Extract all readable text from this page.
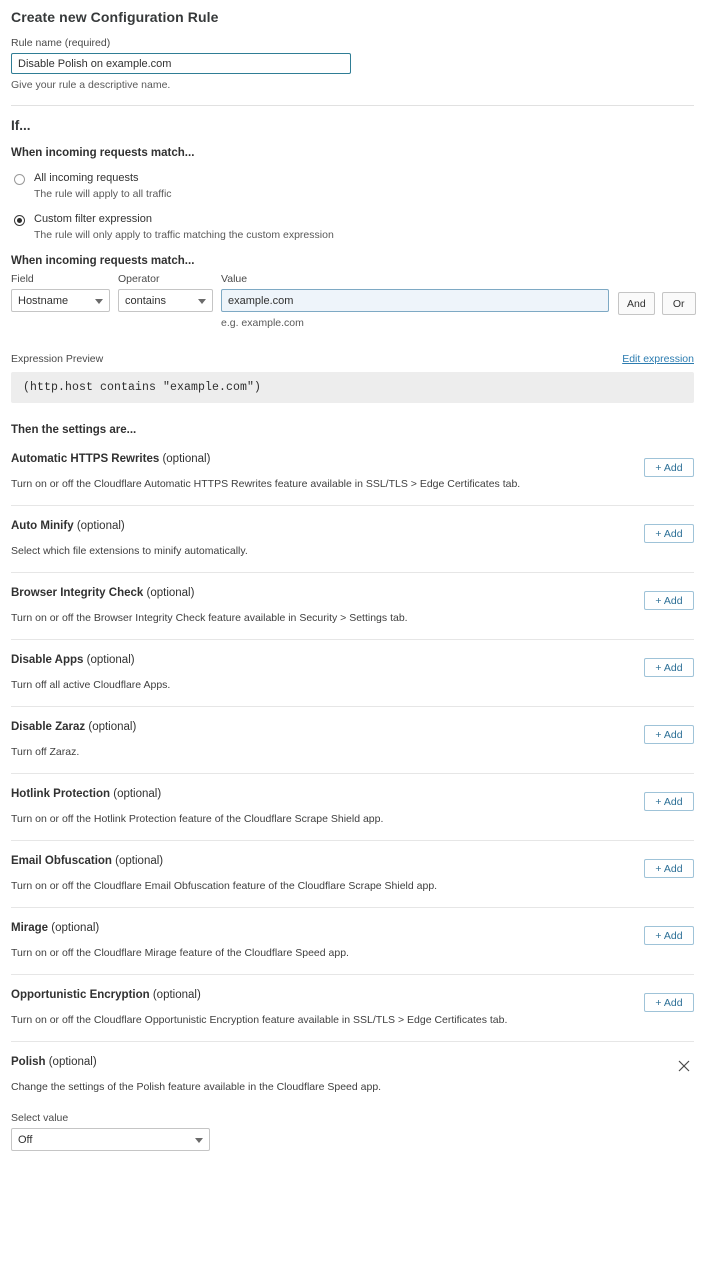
Create new Configuration Rule
Rule name (required)
Disable Polish on example.com
Give your rule a descriptive name.
If...
When incoming requests match...
All incoming requests
The rule will apply to all traffic
Custom filter expression
The rule will only apply to traffic matching the custom expression
When incoming requests match...
Field
Hostname
Operator
contains
Value
example.com
e.g. example.com
And	Or
Expression Preview	Edit expression
(http.host contains "example.com")
Then the settings are...
Automatic HTTPS Rewrites (optional)
Turn on or off the Cloudflare Automatic HTTPS Rewrites feature available in SSL/TLS > Edge Certificates tab.
+ Add
Auto Minify (optional)
Select which file extensions to minify automatically.
+ Add
Browser Integrity Check (optional)
Turn on or off the Browser Integrity Check feature available in Security > Settings tab.
+ Add
Disable Apps (optional)
Turn off all active Cloudflare Apps.
+ Add
Disable Zaraz (optional)
Turn off Zaraz.
+ Add
Hotlink Protection (optional)
Turn on or off the Hotlink Protection feature of the Cloudflare Scrape Shield app.
+ Add
Email Obfuscation (optional)
Turn on or off the Cloudflare Email Obfuscation feature of the Cloudflare Scrape Shield app.
+ Add
Mirage (optional)
Turn on or off the Cloudflare Mirage feature of the Cloudflare Speed app.
+ Add
Opportunistic Encryption (optional)
Turn on or off the Cloudflare Opportunistic Encryption feature available in SSL/TLS > Edge Certificates tab.
+ Add
Polish (optional)
Change the settings of the Polish feature available in the Cloudflare Speed app.
Select value
Off
